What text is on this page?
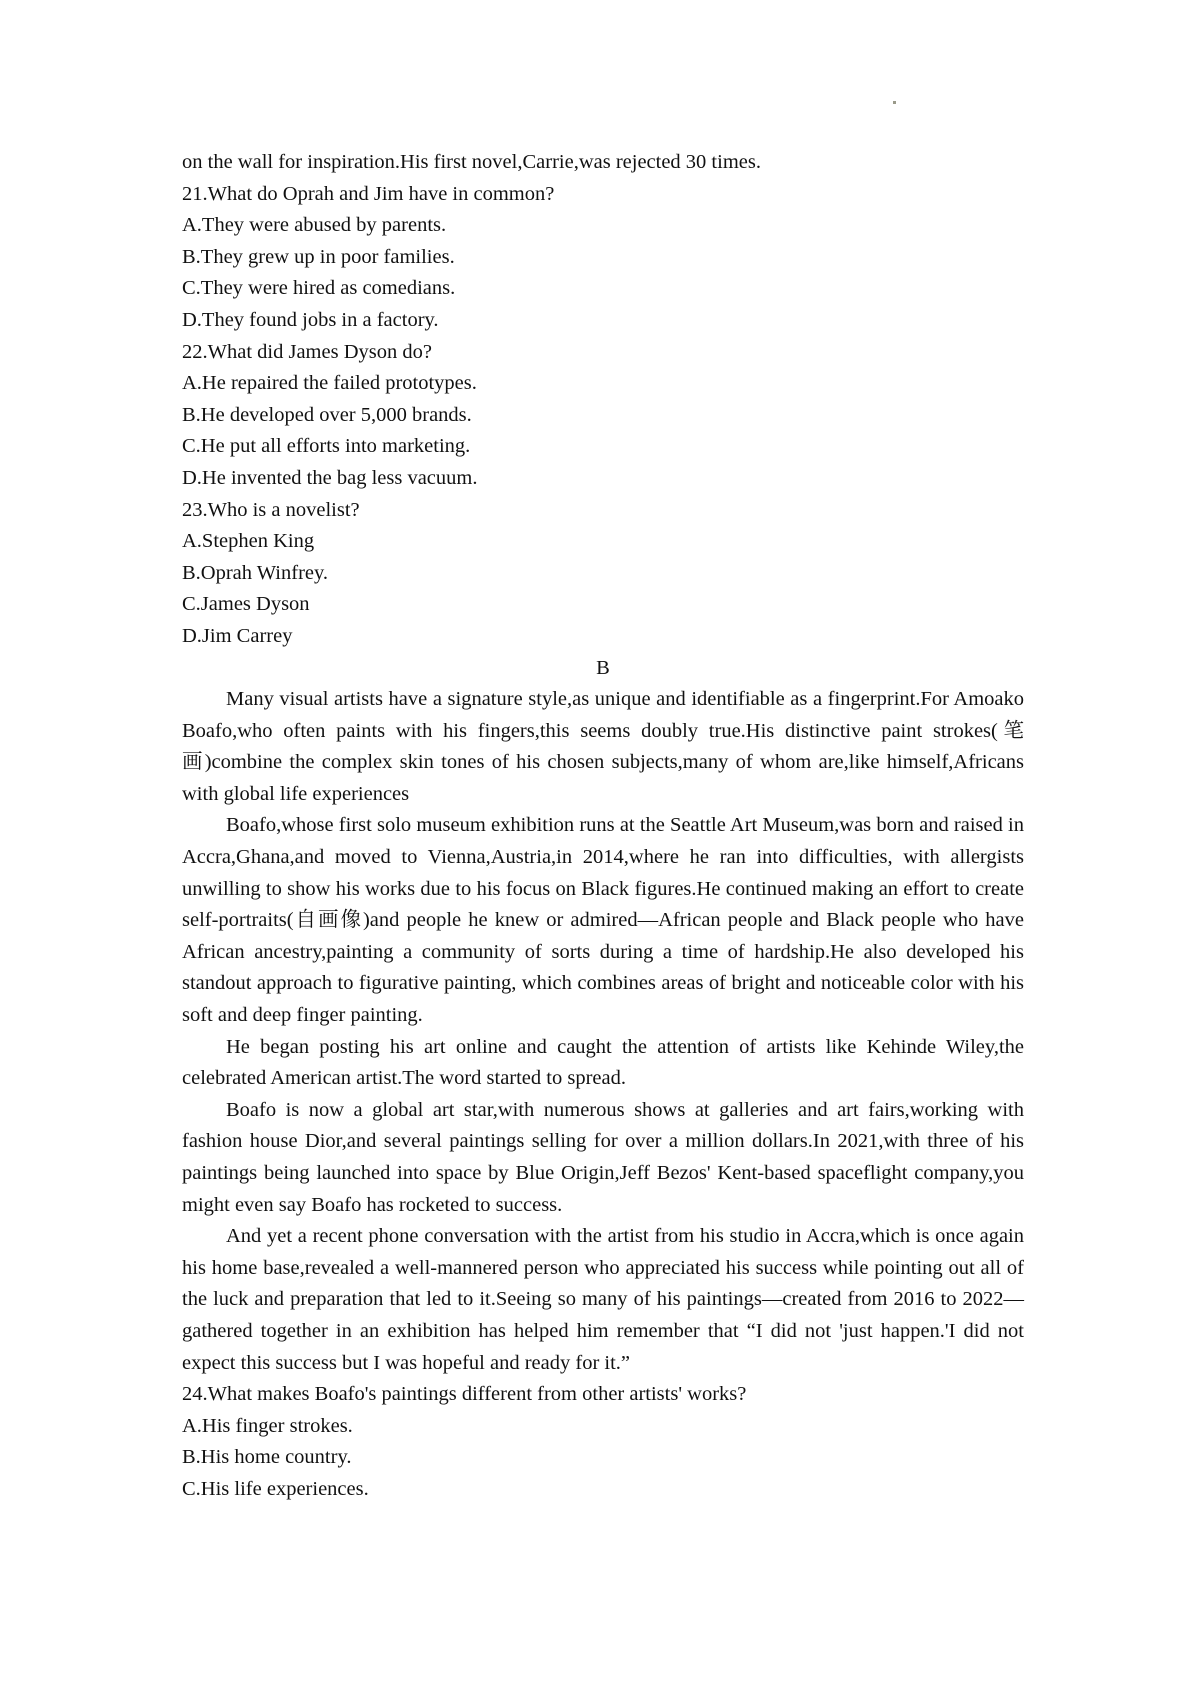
on the wall for inspiration.His first novel,Carrie,was rejected 30 times.

21.What do Oprah and Jim have in common?

A.They were abused by parents.

B.They grew up in poor families.

C.They were hired as comedians.

D.They found jobs in a factory.

22.What did James Dyson do?

A.He repaired the failed prototypes.

B.He developed over 5,000 brands.

C.He put all efforts into marketing.

D.He invented the bag less vacuum.

23.Who is a novelist?

A.Stephen King

B.Oprah Winfrey.

C.James Dyson

D.Jim Carrey

B

Many visual artists have a signature style,as unique and identifiable as a fingerprint.For Amoako Boafo,who often paints with his fingers,this seems doubly true.His distinctive paint strokes(笔画)combine the complex skin tones of his chosen subjects,many of whom are,like himself,Africans with global life experiences

Boafo,whose first solo museum exhibition runs at the Seattle Art Museum,was born and raised in Accra,Ghana,and moved to Vienna,Austria,in 2014,where he ran into difficulties, with allergists unwilling to show his works due to his focus on Black figures.He continued making an effort to create self-portraits(自画像)and people he knew or admired—African people and Black people who have African ancestry,painting a community of sorts during a time of hardship.He also developed his standout approach to figurative painting, which combines areas of bright and noticeable color with his soft and deep finger painting.

He began posting his art online and caught the attention of artists like Kehinde Wiley,the celebrated American artist.The word started to spread.

Boafo is now a global art star,with numerous shows at galleries and art fairs,working with fashion house Dior,and several paintings selling for over a million dollars.In 2021,with three of his paintings being launched into space by Blue Origin,Jeff Bezos' Kent-based spaceflight company,you might even say Boafo has rocketed to success.

And yet a recent phone conversation with the artist from his studio in Accra,which is once again his home base,revealed a well-mannered person who appreciated his success while pointing out all of the luck and preparation that led to it.Seeing so many of his paintings—created from 2016 to 2022—gathered together in an exhibition has helped him remember that “I did not 'just happen.'I did not expect this success but I was hopeful and ready for it.”

24.What makes Boafo's paintings different from other artists' works?

A.His finger strokes.

B.His home country.

C.His life experiences.
